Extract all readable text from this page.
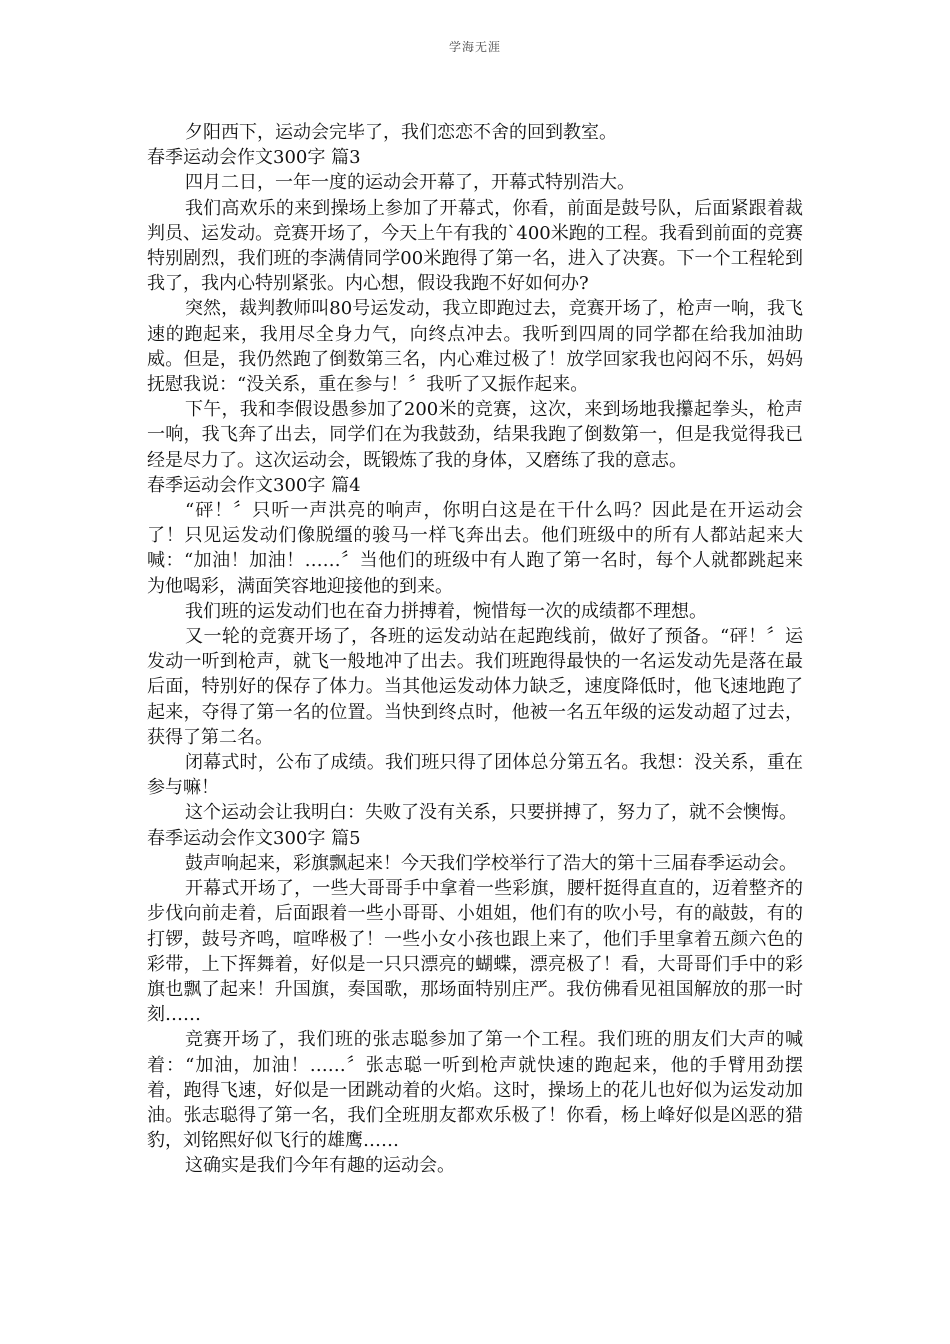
学海无涯

夕阳西下，运动会完毕了，我们恋恋不舍的回到教室。

春季运动会作文300字 篇3

四月二日，一年一度的运动会开幕了，开幕式特别浩大。

我们高欢乐的来到操场上参加了开幕式，你看，前面是鼓号队，后面紧跟着裁判员、运发动。竞赛开场了，今天上午有我的`400米跑的工程。我看到前面的竞赛特别剧烈，我们班的李满倩同学00米跑得了第一名，进入了决赛。下一个工程轮到我了，我内心特别紧张。内心想，假设我跑不好如何办?

突然，裁判教师叫80号运发动，我立即跑过去，竞赛开场了，枪声一响，我飞速的跑起来，我用尽全身力气，向终点冲去。我听到四周的同学都在给我加油助威。但是，我仍然跑了倒数第三名，内心难过极了！放学回家我也闷闷不乐，妈妈抚慰我说：“没关系，重在参与！〞我听了又振作起来。

下午，我和李假设愚参加了200米的竞赛，这次，来到场地我攥起拳头，枪声一响，我飞奔了出去，同学们在为我鼓劲，结果我跑了倒数第一，但是我觉得我已经是尽力了。这次运动会，既锻炼了我的身体，又磨练了我的意志。

春季运动会作文300字 篇4

“砰！〞只听一声洪亮的响声，你明白这是在干什么吗？因此是在开运动会了！只见运发动们像脱缰的骏马一样飞奔出去。他们班级中的所有人都站起来大喊：“加油！加油！……〞当他们的班级中有人跑了第一名时，每个人就都跳起来为他喝彩，满面笑容地迎接他的到来。

我们班的运发动们也在奋力拼搏着，惋惜每一次的成绩都不理想。

又一轮的竞赛开场了，各班的运发动站在起跑线前，做好了预备。“砰！〞运发动一听到枪声，就飞一般地冲了出去。我们班跑得最快的一名运发动先是落在最后面，特别好的保存了体力。当其他运发动体力缺乏，速度降低时，他飞速地跑了起来，夺得了第一名的位置。当快到终点时，他被一名五年级的运发动超了过去，获得了第二名。

闭幕式时，公布了成绩。我们班只得了团体总分第五名。我想：没关系，重在参与嘛！

这个运动会让我明白：失败了没有关系，只要拼搏了，努力了，就不会懊悔。

春季运动会作文300字 篇5

鼓声响起来，彩旗飘起来！今天我们学校举行了浩大的第十三届春季运动会。

开幕式开场了，一些大哥哥手中拿着一些彩旗，腰杆挺得直直的，迈着整齐的步伐向前走着，后面跟着一些小哥哥、小姐姐，他们有的吹小号，有的敲鼓，有的打锣，鼓号齐鸣，喧哗极了！一些小女小孩也跟上来了，他们手里拿着五颜六色的彩带，上下挥舞着，好似是一只只漂亮的蝴蝶，漂亮极了！看，大哥哥们手中的彩旗也飘了起来！升国旗，奏国歌，那场面特别庄严。我仿佛看见祖国解放的那一时刻……

竞赛开场了，我们班的张志聪参加了第一个工程。我们班的朋友们大声的喊着：“加油，加油！……〞张志聪一听到枪声就快速的跑起来，他的手臂用劲摆着，跑得飞速，好似是一团跳动着的火焰。这时，操场上的花儿也好似为运发动加油。张志聪得了第一名，我们全班朋友都欢乐极了！你看，杨上峰好似是凶恶的猎豹，刘铭熙好似飞行的雄鹰……

这确实是我们今年有趣的运动会。
